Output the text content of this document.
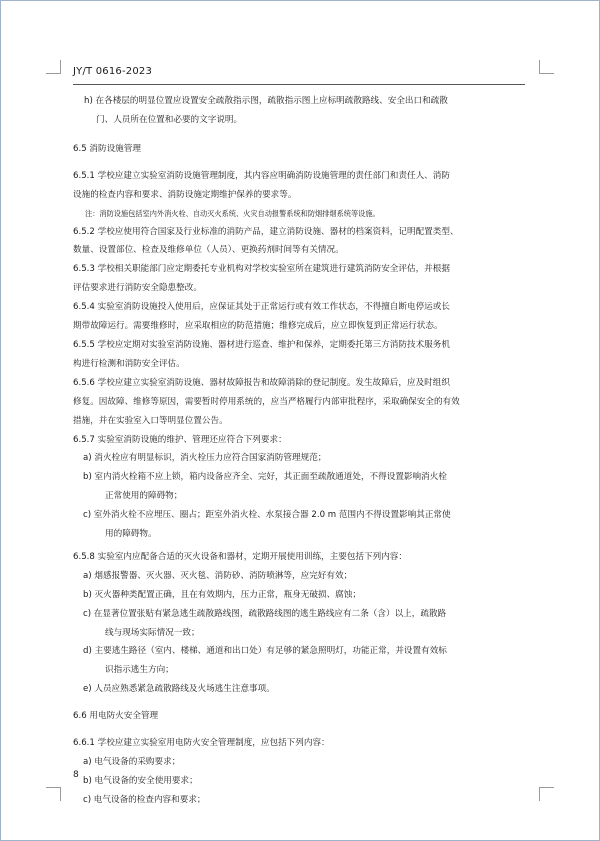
JY/T 0616-2023
h) 在各楼层的明显位置应设置安全疏散指示图，疏散指示图上应标明疏散路线、安全出口和疏散
门、人员所在位置和必要的文字说明。
6.5 消防设施管理
6.5.1 学校应建立实验室消防设施管理制度，其内容应明确消防设施管理的责任部门和责任人、消防
设施的检查内容和要求、消防设施定期维护保养的要求等。
注：消防设施包括室内外消火栓、自动灭火系统、火灾自动报警系统和防烟排烟系统等设施。
6.5.2 学校应使用符合国家及行业标准的消防产品，建立消防设施、器材的档案资料，记明配置类型、
数量、设置部位、检查及维修单位（人员）、更换药剂时间等有关情况。
6.5.3 学校相关职能部门应定期委托专业机构对学校实验室所在建筑进行建筑消防安全评估，并根据
评估要求进行消防安全隐患整改。
6.5.4 实验室消防设施投入使用后，应保证其处于正常运行或有效工作状态，不得擅自断电停运或长
期带故障运行。需要维修时，应采取相应的防范措施；维修完成后，应立即恢复到正常运行状态。
6.5.5 学校应定期对实验室消防设施、器材进行巡查、维护和保养，定期委托第三方消防技术服务机
构进行检测和消防安全评估。
6.5.6 学校应建立实验室消防设施、器材故障报告和故障消除的登记制度。发生故障后，应及时组织
修复。因故障、维修等原因，需要暂时停用系统的，应当严格履行内部审批程序，采取确保安全的有效
措施，并在实验室入口等明显位置公告。
6.5.7 实验室消防设施的维护、管理还应符合下列要求：
a) 消火栓应有明显标识，消火栓压力应符合国家消防管理规范；
b) 室内消火栓箱不应上锁，箱内设备应齐全、完好，其正面至疏散通道处，不得设置影响消火栓
正常使用的障碍物；
c) 室外消火栓不应埋压、圈占；距室外消火栓、水泵接合器 2.0 m 范围内不得设置影响其正常使
用的障碍物。
6.5.8 实验室内应配备合适的灭火设备和器材，定期开展使用训练，主要包括下列内容：
a) 烟感报警器、灭火器、灭火毯、消防砂、消防喷淋等，应完好有效；
b) 灭火器种类配置正确，且在有效期内，压力正常，瓶身无破损、腐蚀；
c) 在显著位置张贴有紧急逃生疏散路线图，疏散路线图的逃生路线应有二条（含）以上，疏散路
线与现场实际情况一致；
d) 主要逃生路径（室内、楼梯、通道和出口处）有足够的紧急照明灯，功能正常，并设置有效标
识指示逃生方向；
e) 人员应熟悉紧急疏散路线及火场逃生注意事项。
6.6 用电防火安全管理
6.6.1 学校应建立实验室用电防火安全管理制度，应包括下列内容：
a) 电气设备的采购要求；
b) 电气设备的安全使用要求；
c) 电气设备的检查内容和要求；
8
